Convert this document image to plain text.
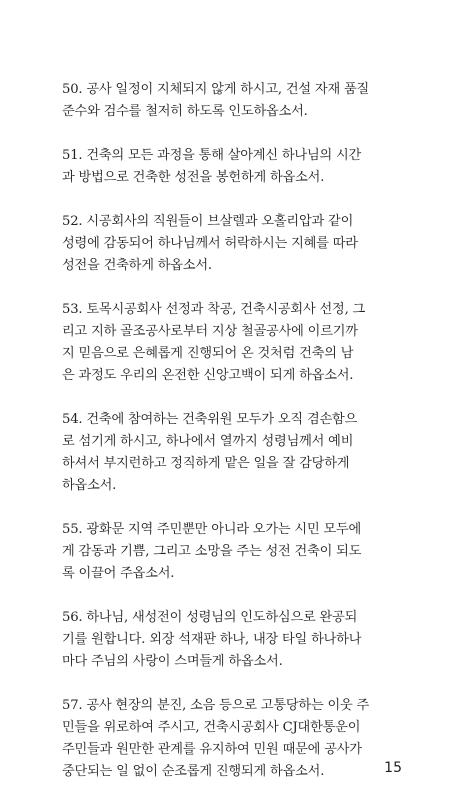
50. 공사 일정이 지체되지 않게 하시고, 건설 자재 품질
준수와 검수를 철저히 하도록 인도하옵소서.

51. 건축의 모든 과정을 통해 살아계신 하나님의 시간
과 방법으로 건축한 성전을 봉헌하게 하옵소서.

52. 시공회사의 직원들이 브살렐과 오홀리압과 같이
성령에 감동되어 하나님께서 허락하시는 지혜를 따라
성전을 건축하게 하옵소서.

53. 토목시공회사 선정과 착공, 건축시공회사 선정, 그
리고 지하 골조공사로부터 지상 철골공사에 이르기까
지 믿음으로 은혜롭게 진행되어 온 것처럼 건축의 남
은 과정도 우리의 온전한 신앙고백이 되게 하옵소서.

54. 건축에 참여하는 건축위원 모두가 오직 겸손함으
로 섬기게 하시고, 하나에서 열까지 성령님께서 예비
하셔서 부지런하고 정직하게 맡은 일을 잘 감당하게
하옵소서.

55. 광화문 지역 주민뿐만 아니라 오가는 시민 모두에
게 감동과 기쁨, 그리고 소망을 주는 성전 건축이 되도
록 이끌어 주옵소서.

56. 하나님, 새성전이 성령님의 인도하심으로 완공되
기를 원합니다. 외장 석재판 하나, 내장 타일 하나하나
마다 주님의 사랑이 스며들게 하옵소서.

57. 공사 현장의 분진, 소음 등으로 고통당하는 이웃 주
민들을 위로하여 주시고, 건축시공회사 CJ대한통운이
주민들과 원만한 관계를 유지하여 민원 때문에 공사가
중단되는 일 없이 순조롭게 진행되게 하옵소서.	15
